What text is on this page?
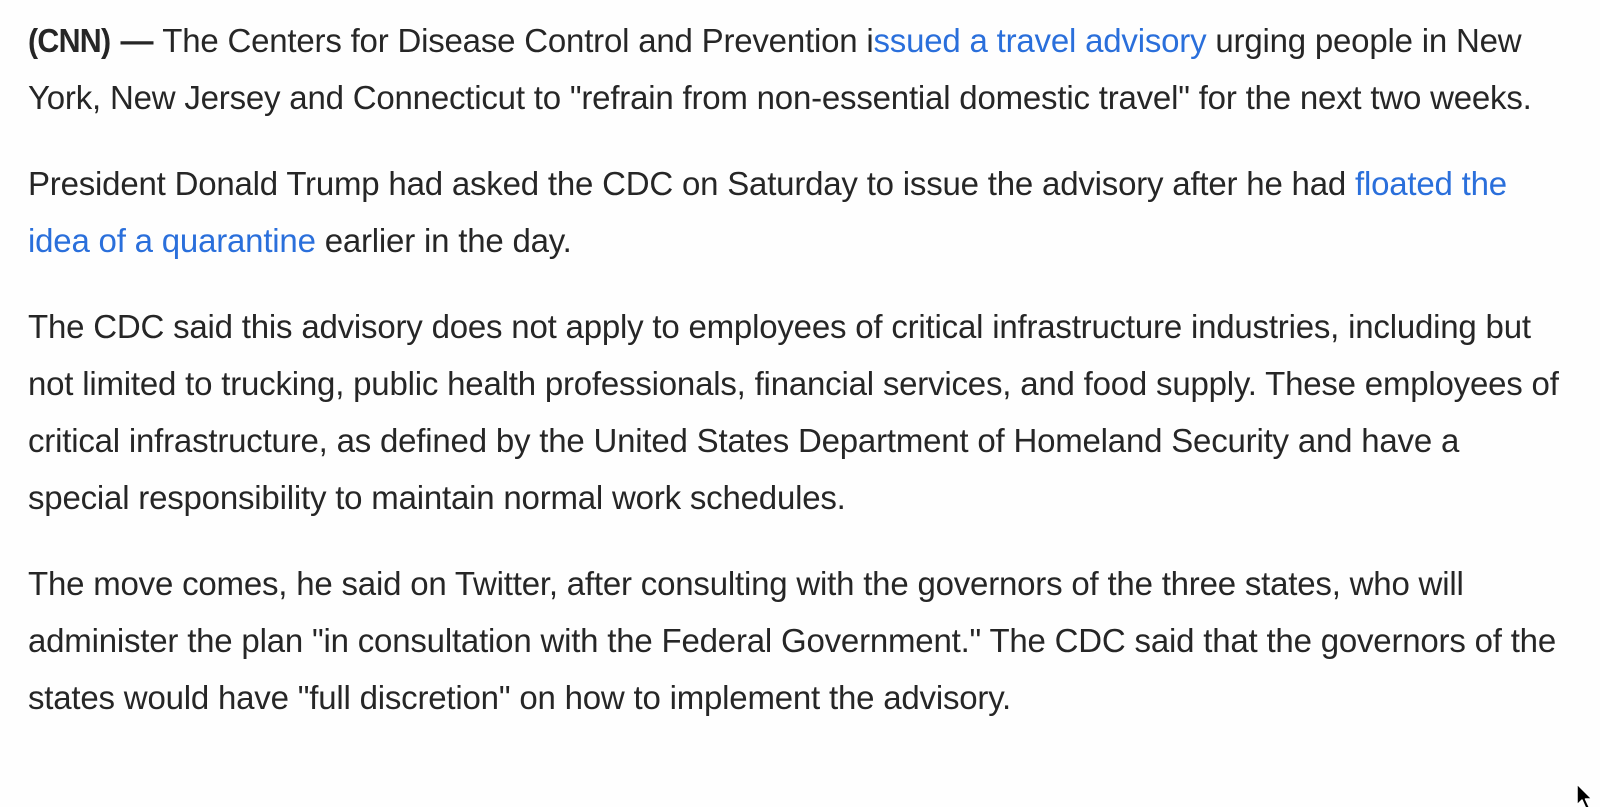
(CNN) — The Centers for Disease Control and Prevention issued a travel advisory urging people in New York, New Jersey and Connecticut to "refrain from non-essential domestic travel" for the next two weeks.

President Donald Trump had asked the CDC on Saturday to issue the advisory after he had floated the idea of a quarantine earlier in the day.

The CDC said this advisory does not apply to employees of critical infrastructure industries, including but not limited to trucking, public health professionals, financial services, and food supply. These employees of critical infrastructure, as defined by the United States Department of Homeland Security and have a special responsibility to maintain normal work schedules.

The move comes, he said on Twitter, after consulting with the governors of the three states, who will administer the plan "in consultation with the Federal Government." The CDC said that the governors of the states would have "full discretion" on how to implement the advisory.
